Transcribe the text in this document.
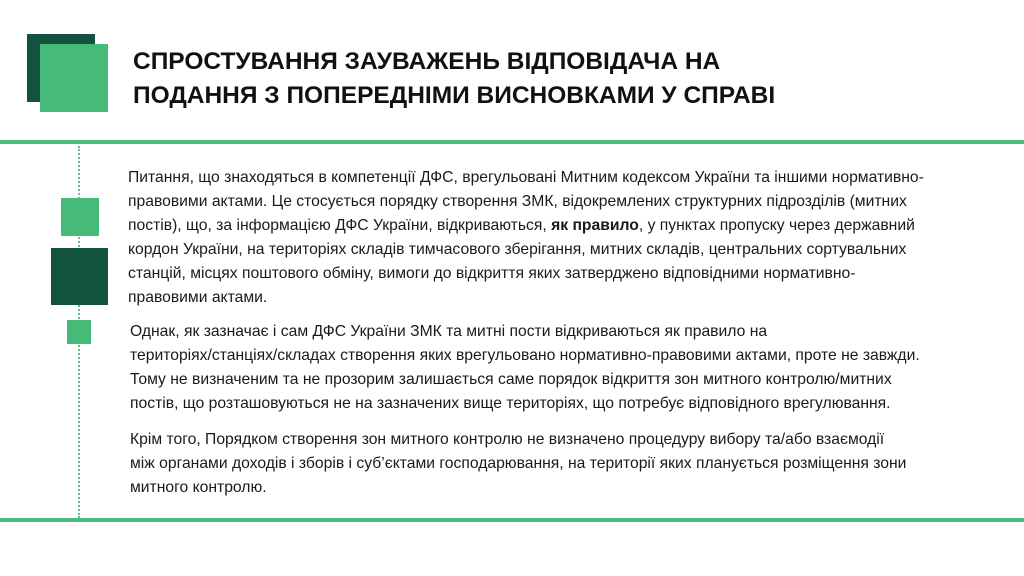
СПРОСТУВАННЯ ЗАУВАЖЕНЬ ВІДПОВІДАЧА НА
ПОДАННЯ З ПОПЕРЕДНІМИ ВИСНОВКАМИ У СПРАВІ
Питання, що знаходяться в компетенції ДФС, врегульовані Митним кодексом України та іншими нормативно-
правовими актами. Це стосується порядку створення ЗМК, відокремлених структурних підрозділів (митних
постів), що, за інформацією ДФС України, відкриваються, як правило, у пунктах пропуску через державний
кордон України, на територіях складів тимчасового зберігання, митних складів, центральних сортувальних
станцій, місцях поштового обміну, вимоги до відкриття яких затверджено відповідними нормативно-
правовими актами.
Однак, як зазначає і сам ДФС України ЗМК та митні пости відкриваються як правило на
територіях/станціях/складах створення яких врегульовано нормативно-правовими актами, проте не завжди.
Тому не визначеним та не прозорим залишається саме порядок відкриття зон митного контролю/митних
постів, що розташовуються не на зазначених вище територіях, що потребує відповідного врегулювання.
Крім того, Порядком створення зон митного контролю не визначено процедуру вибору та/або взаємодії
між органами доходів і зборів і суб’єктами господарювання, на території яких планується розміщення зони
митного контролю.
